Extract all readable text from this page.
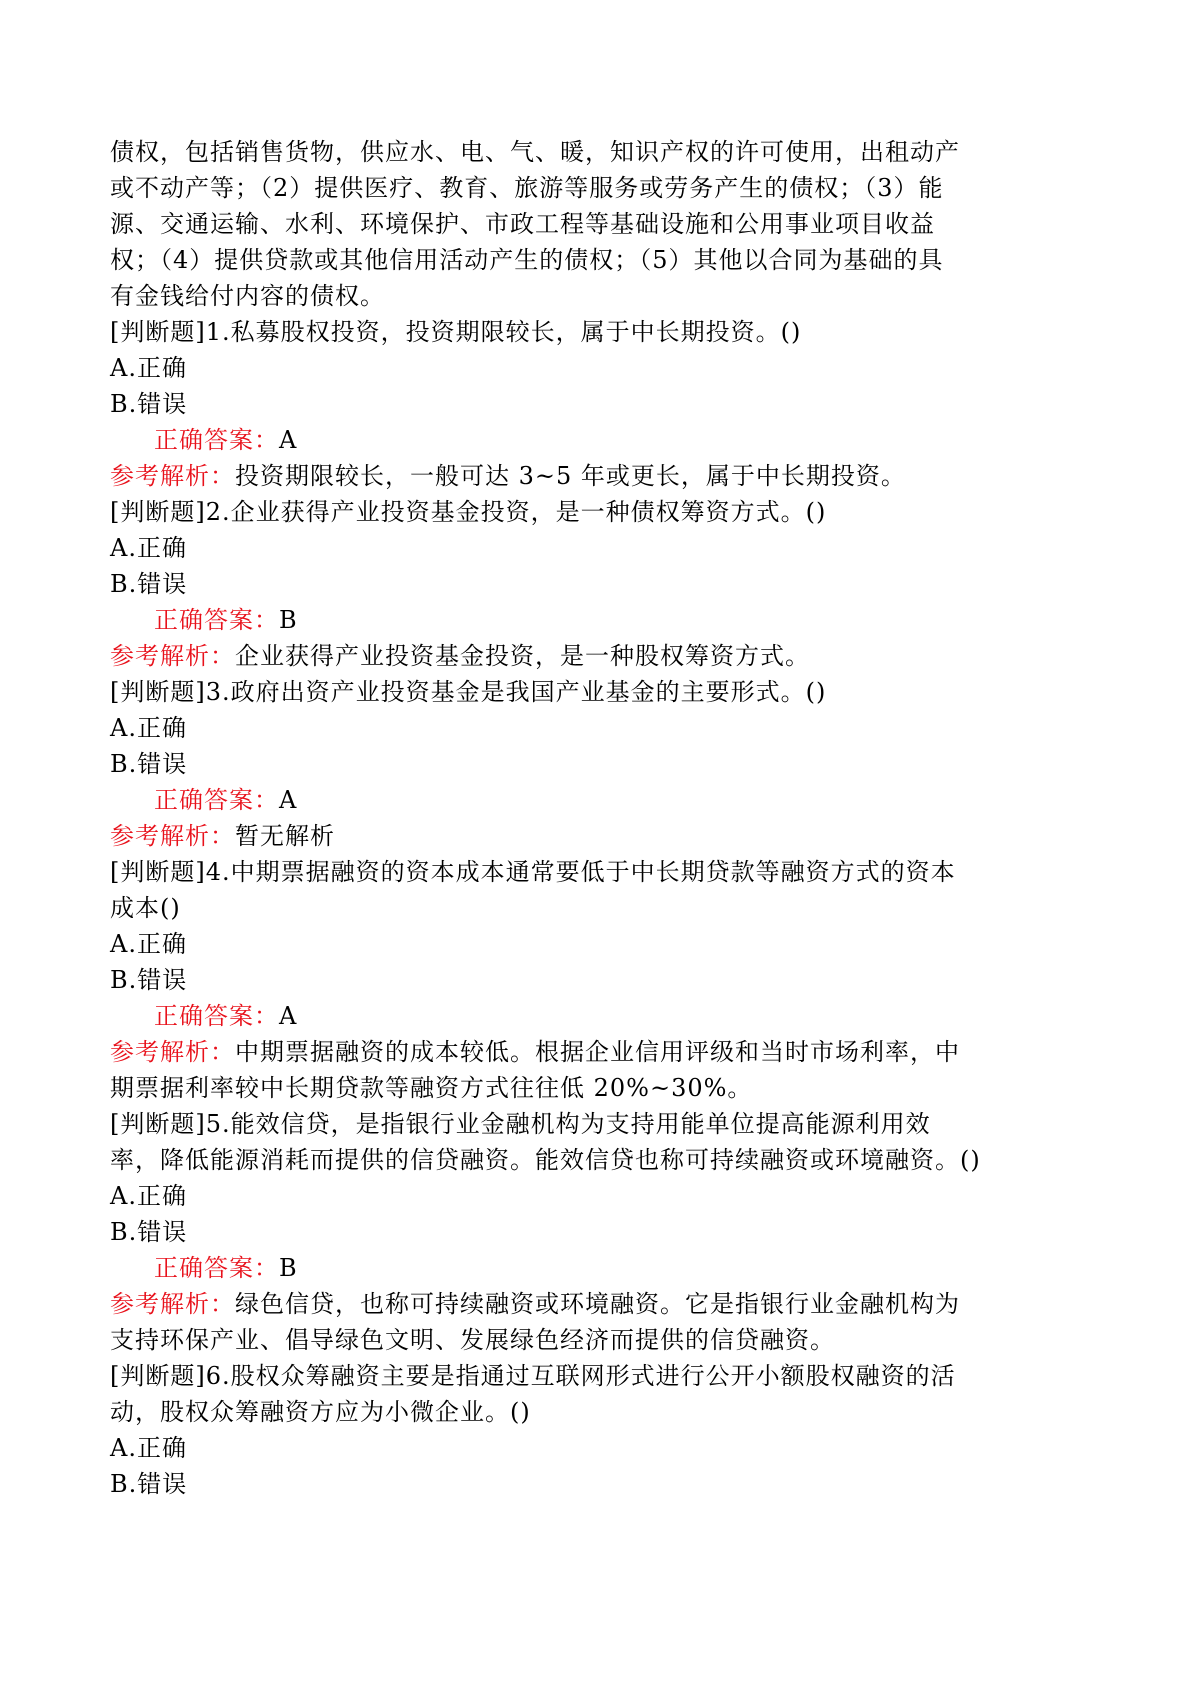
债权，包括销售货物，供应水、电、气、暖，知识产权的许可使用，出租动产
或不动产等；（2）提供医疗、教育、旅游等服务或劳务产生的债权；（3）能
源、交通运输、水利、环境保护、市政工程等基础设施和公用事业项目收益
权；（4）提供贷款或其他信用活动产生的债权；（5）其他以合同为基础的具
有金钱给付内容的债权。
[判断题]1.私募股权投资，投资期限较长，属于中长期投资。()
A.正确
B.错误
正确答案：A
参考解析：投资期限较长，一般可达 3~5 年或更长，属于中长期投资。
[判断题]2.企业获得产业投资基金投资，是一种债权筹资方式。()
A.正确
B.错误
正确答案：B
参考解析：企业获得产业投资基金投资，是一种股权筹资方式。
[判断题]3.政府出资产业投资基金是我国产业基金的主要形式。()
A.正确
B.错误
正确答案：A
参考解析：暂无解析
[判断题]4.中期票据融资的资本成本通常要低于中长期贷款等融资方式的资本
成本()
A.正确
B.错误
正确答案：A
参考解析：中期票据融资的成本较低。根据企业信用评级和当时市场利率，中
期票据利率较中长期贷款等融资方式往往低 20%~30%。
[判断题]5.能效信贷，是指银行业金融机构为支持用能单位提高能源利用效
率，降低能源消耗而提供的信贷融资。能效信贷也称可持续融资或环境融资。()
A.正确
B.错误
正确答案：B
参考解析：绿色信贷，也称可持续融资或环境融资。它是指银行业金融机构为
支持环保产业、倡导绿色文明、发展绿色经济而提供的信贷融资。
[判断题]6.股权众筹融资主要是指通过互联网形式进行公开小额股权融资的活
动，股权众筹融资方应为小微企业。()
A.正确
B.错误
